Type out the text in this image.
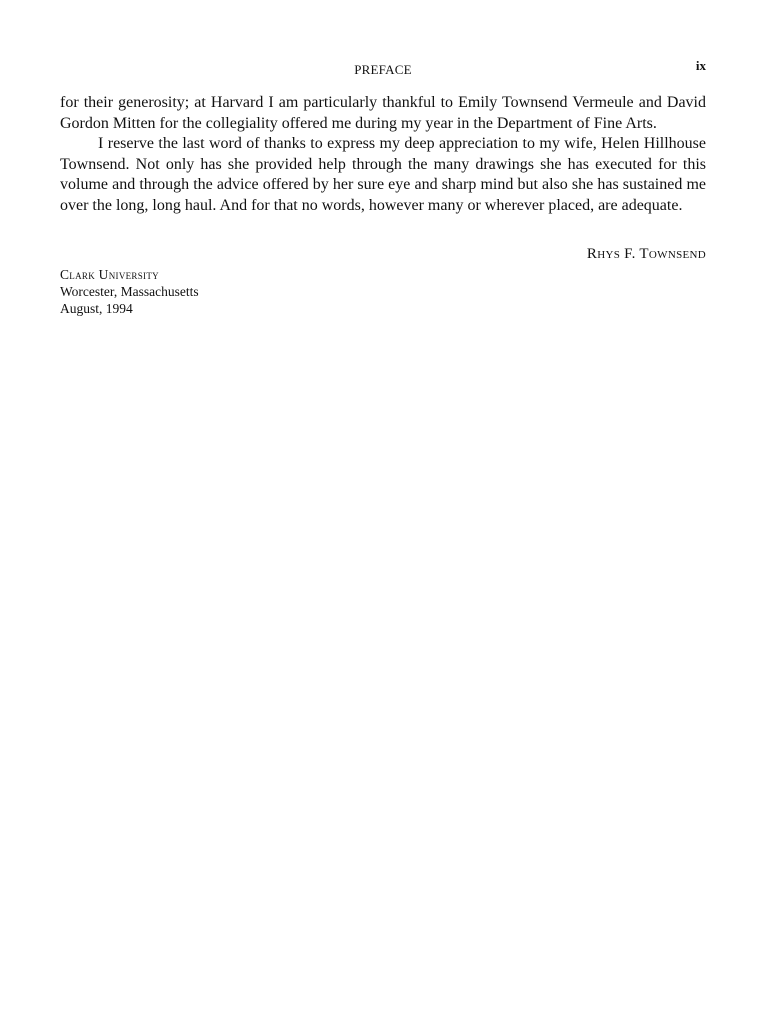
PREFACE	ix

for their generosity; at Harvard I am particularly thankful to Emily Townsend Vermeule and David Gordon Mitten for the collegiality offered me during my year in the Department of Fine Arts.

I reserve the last word of thanks to express my deep appreciation to my wife, Helen Hillhouse Townsend. Not only has she provided help through the many drawings she has executed for this volume and through the advice offered by her sure eye and sharp mind but also she has sustained me over the long, long haul. And for that no words, however many or wherever placed, are adequate.

Rhys F. Townsend
Clark University
Worcester, Massachusetts
August, 1994
